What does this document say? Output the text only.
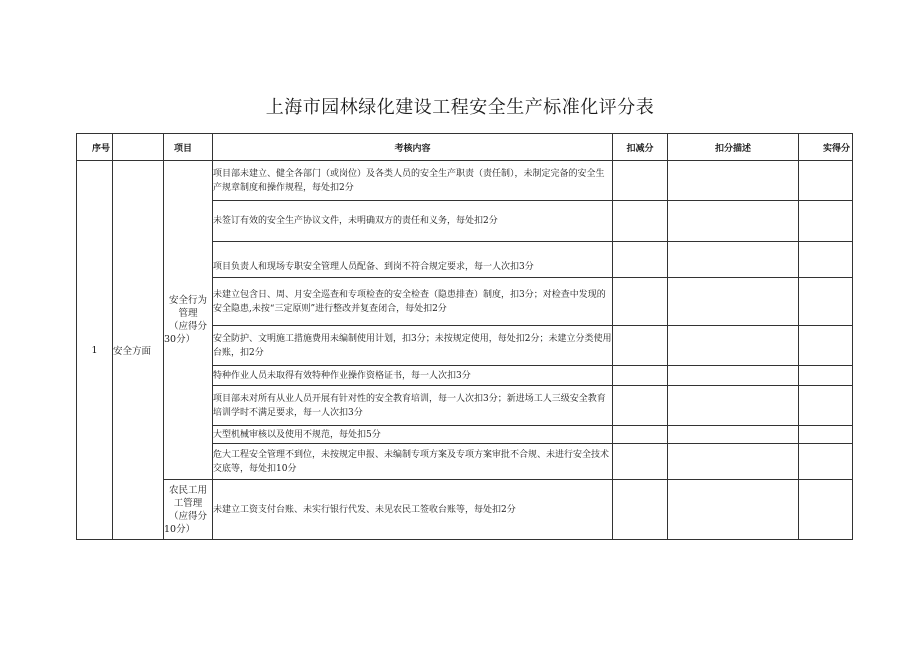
上海市园林绿化建设工程安全生产标准化评分表
序号		项目	考核内容	扣减分	扣分描述	实得分
1	安全方面	安全行为
管理
（应得分
30分）	项目部未建立、健全各部门（或岗位）及各类人员的安全生产职责（责任制），未制定完备的安全生产规章制度和操作规程，每处扣2分			
			未签订有效的安全生产协议文件，未明确双方的责任和义务，每处扣2分			
			项目负责人和现场专职安全管理人员配备、到岗不符合规定要求，每一人次扣3分			
			未建立包含日、周、月安全巡查和专项检查的安全检查（隐患排查）制度，扣3分；对检查中发现的安全隐患,未按“三定原则”进行整改并复查闭合，每处扣2分			
			安全防护、文明施工措施费用未编制使用计划，扣3分；未按规定使用，每处扣2分；未建立分类使用台账，扣2分			
			特种作业人员未取得有效特种作业操作资格证书，每一人次扣3分			
			项目部未对所有从业人员开展有针对性的安全教育培训，每一人次扣3分；新进场工人三级安全教育培训学时不满足要求，每一人次扣3分			
			大型机械审核以及使用不规范，每处扣5分			
			危大工程安全管理不到位，未按规定申报、未编制专项方案及专项方案审批不合规、未进行安全技术交底等，每处扣10分			

		农民工用
工管理
（应得分
10分）	未建立工资支付台账、未实行银行代发、未见农民工签收台账等，每处扣2分			
